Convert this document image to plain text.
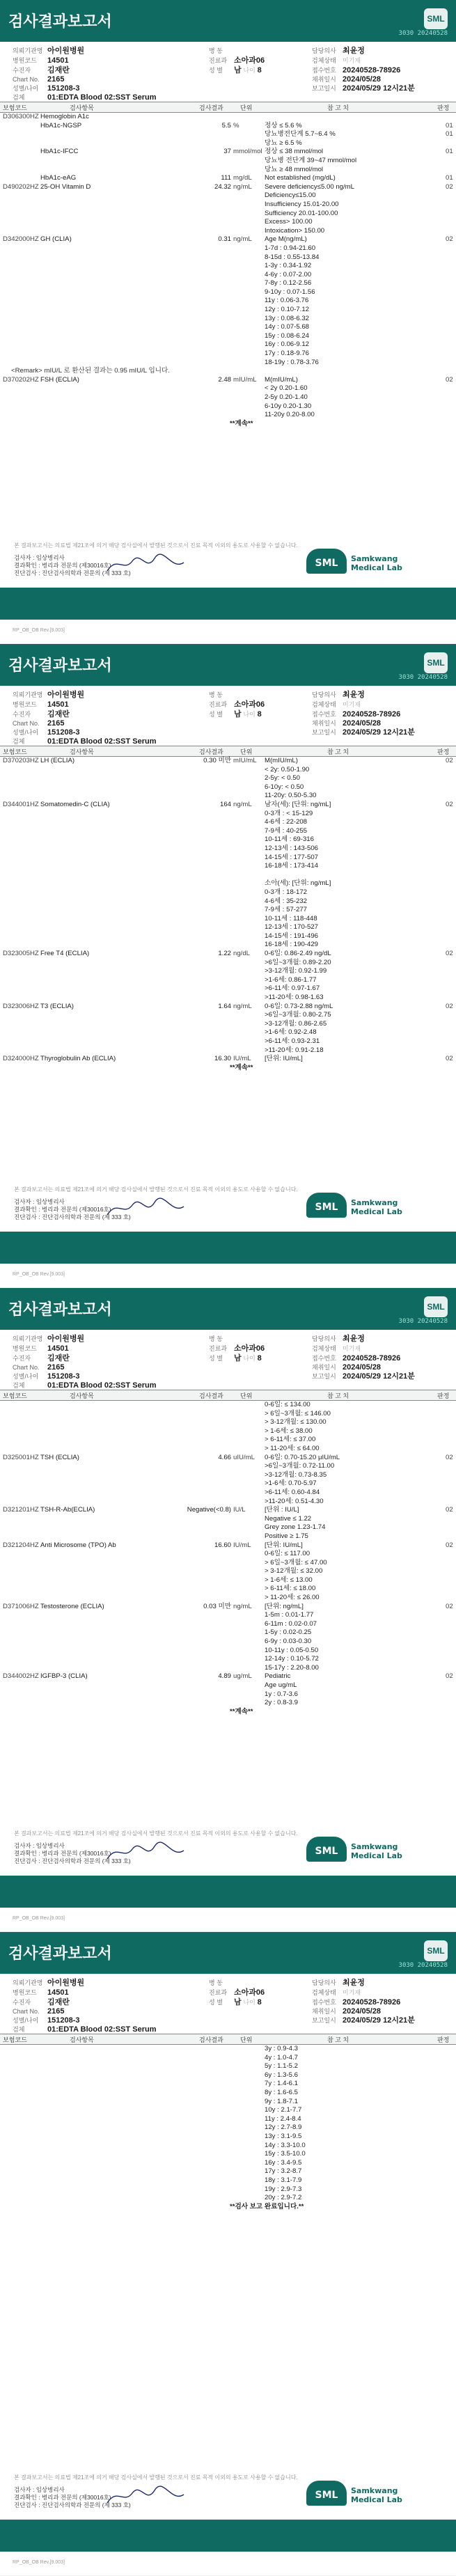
검사결과보고서	SML
3030 20240528
의뢰기관명 아이원병원
병원코드 14501
수진자 김재란
Chart No. 2165
성별/나이 151208-3
검체	01:EDTA Blood 02:SST Serum
병 동
진료과 소아과06
성 별 남 나이 8
담당의사 최윤정
검체상태 미기재
접수번호 20240528-78926
채취일시 2024/05/28
보고일시 2024/05/29 12시21분
보험코드	검사항목	검사결과	단위	참 고 치	판정
D306300HZ Hemoglobin A1c
HbA1c-NGSP	5.5 %	정상 ≤ 5.6 %	01
당뇨병전단계 5.7~6.4 %	01
당뇨 ≥ 6.5 %
HbA1c-IFCC	37 mmol/mol 정상 ≤ 38 mmol/mol	01
당뇨병 전단계 39~47 mmol/mol
당뇨 ≥ 48 mmol/mol
HbA1c-eAG	111 mg/dL	Not established (mg/dL)	01
D490202HZ 25-OH Vitamin D	24.32 ng/mL	Severe deficiency≤5.00 ng/mL	02
Deficiency≤15.00
Insufficiency 15.01-20.00
Sufficiency 20.01-100.00
Excess> 100.00
Intoxication> 150.00
D342000HZ GH (CLIA)	0.31 ng/mL	Age M(ng/mL)	02
1-7d : 0.94-21.60
8-15d : 0.55-13.84
1-3y : 0.34-1.92
4-6y : 0.07-2.00
7-8y : 0.12-2.56
9-10y : 0.07-1.56
11y : 0.06-3.76
12y : 0.10-7.12
13y : 0.08-6.32
14y : 0.07-5.68
15y : 0.08-6.24
16y : 0.06-9.12
17y : 0.18-9.76
18-19y : 0.78-3.76
<Remark> mIU/L 로 환산된 결과는 0.95 mIU/L 입니다.
D370202HZ FSH (ECLIA)	2.48 mIU/mL	M(mIU/mL)	02
< 2y 0.20-1.60
2-5y 0.20-1.40
6-10y 0.20-1.30
11-20y 0.20-8.00
**계속**
본 결과보고서는 의료법 제21조에 의거 해당 검사실에서 발행된 것으로서 진료 목적 이외의 용도로 사용할 수 없습니다.
검사자 : 임상병리사
결과확인 : 병리과 전문의 (제30016호)
진단검사 : 진단검사의학과 전문의 (제 333 호)
SML	Samkwang
Medical Lab
RP_OB_OB Rev.[9.003]
검사결과보고서	SML
3030 20240528
의뢰기관명 아이원병원
병원코드 14501
수진자 김재란
Chart No. 2165
성별/나이 151208-3
검체	01:EDTA Blood 02:SST Serum
병 동
진료과 소아과06
성 별 남 나이 8
담당의사 최윤정
검체상태 미기재
접수번호 20240528-78926
채취일시 2024/05/28
보고일시 2024/05/29 12시21분
보험코드	검사항목	검사결과	단위	참 고 치	판정
D370203HZ LH (ECLIA)	0.30 미만 mIU/mL	M(mIU/mL)	02
< 2y: 0.50-1.90
2-5y: < 0.50
6-10y: < 0.50
11-20y: 0.50-5.30
D344001HZ Somatomedin-C (CLIA)	164 ng/mL	남자(세): [단위: ng/mL]	02
0-3개 : < 15-129
4-6세 : 22-208
7-9세 : 40-255
10-11세 : 69-316
12-13세 : 143-506
14-15세 : 177-507
16-18세 : 173-414
소아(세): [단위: ng/mL]
0-3개 : 18-172
4-6세 : 35-232
7-9세 : 57-277
10-11세 : 118-448
12-13세 : 170-527
14-15세 : 191-496
16-18세 : 190-429
D323005HZ Free T4 (ECLIA)	1.22 ng/dL	0-6일: 0.86-2.49 ng/dL	02
>6일~3개월: 0.89-2.20
>3-12개월: 0.92-1.99
>1-6세: 0.86-1.77
>6-11세: 0.97-1.67
>11-20세: 0.98-1.63
D323006HZ T3 (ECLIA)	1.64 ng/mL	0-6일: 0.73-2.88 ng/mL	02
>6일~3개월: 0.80-2.75
>3-12개월: 0.86-2.65
>1-6세: 0.92-2.48
>6-11세: 0.93-2.31
>11-20세: 0.91-2.18
D324000HZ Thyroglobulin Ab (ECLIA)	16.30 IU/mL	[단위: IU/mL]	02
**계속**
본 결과보고서는 의료법 제21조에 의거 해당 검사실에서 발행된 것으로서 진료 목적 이외의 용도로 사용할 수 없습니다.
검사자 : 임상병리사
결과확인 : 병리과 전문의 (제30016호)
진단검사 : 진단검사의학과 전문의 (제 333 호)
SML	Samkwang
Medical Lab
RP_OB_OB Rev.[9.003]
검사결과보고서	SML
3030 20240528
의뢰기관명 아이원병원
병원코드 14501
수진자 김재란
Chart No. 2165
성별/나이 151208-3
검체	01:EDTA Blood 02:SST Serum
병 동
진료과 소아과06
성 별 남 나이 8
담당의사 최윤정
검체상태 미기재
접수번호 20240528-78926
채취일시 2024/05/28
보고일시 2024/05/29 12시21분
보험코드	검사항목	검사결과	단위	참 고 치	판정
0-6일: ≤ 134.00
> 6일~3개월: ≤ 146.00
> 3-12개월: ≤ 130.00
> 1-6세: ≤ 38.00
> 6-11세: ≤ 37.00
> 11-20세: ≤ 64.00
D325001HZ TSH (ECLIA)	4.66 uIU/mL	0-6일: 0.70-15.20 μIU/mL	02
>6일~3개월: 0.72-11.00
>3-12개월: 0.73-8.35
>1-6세: 0.70-5.97
>6-11세: 0.60-4.84
>11-20세: 0.51-4.30
D321201HZ TSH-R-Ab(ECLIA)	Negative(<0.8) IU/L	[단위 : IU/L]	02
Negative ≤ 1.22
Grey zone 1.23-1.74
Positive ≥ 1.75
D321204HZ Anti Microsome (TPO) Ab	16.60 IU/mL	[단위: IU/mL]	02
0-6일: ≤ 117.00
> 6일~3개월: ≤ 47.00
> 3-12개월: ≤ 32.00
> 1-6세: ≤ 13.00
> 6-11세: ≤ 18.00
> 11-20세: ≤ 26.00
D371006HZ Testosterone (ECLIA)	0.03 미만 ng/mL	[단위: ng/mL]	02
1-5m : 0.01-1.77
6-11m : 0.02-0.07
1-5y : 0.02-0.25
6-9y : 0.03-0.30
10-11y : 0.05-0.50
12-14y : 0.10-5.72
15-17y : 2.20-8.00
D344002HZ IGFBP-3 (CLIA)	4.89 ug/mL	Pediatric	02
Age ug/mL
1y : 0.7-3.6
2y : 0.8-3.9
**계속**
본 결과보고서는 의료법 제21조에 의거 해당 검사실에서 발행된 것으로서 진료 목적 이외의 용도로 사용할 수 없습니다.
검사자 : 임상병리사
결과확인 : 병리과 전문의 (제30016호)
진단검사 : 진단검사의학과 전문의 (제 333 호)
SML	Samkwang
Medical Lab
RP_OB_OB Rev.[9.003]
검사결과보고서	SML
3030 20240528
의뢰기관명 아이원병원
병원코드 14501
수진자 김재란
Chart No. 2165
성별/나이 151208-3
검체	01:EDTA Blood 02:SST Serum
병 동
진료과 소아과06
성 별 남 나이 8
담당의사 최윤정
검체상태 미기재
접수번호 20240528-78926
채취일시 2024/05/28
보고일시 2024/05/29 12시21분
보험코드	검사항목	검사결과	단위	참 고 치	판정
3y : 0.9-4.3
4y : 1.0-4.7
5y : 1.1-5.2
6y : 1.3-5.6
7y : 1.4-6.1
8y : 1.6-6.5
9y : 1.8-7.1
10y : 2.1-7.7
11y : 2.4-8.4
12y : 2.7-8.9
13y : 3.1-9.5
14y : 3.3-10.0
15y : 3.5-10.0
16y : 3.4-9.5
17y : 3.2-8.7
18y : 3.1-7.9
19y : 2.9-7.3
20y : 2.9-7.2
**검사 보고 완료입니다.**
본 결과보고서는 의료법 제21조에 의거 해당 검사실에서 발행된 것으로서 진료 목적 이외의 용도로 사용할 수 없습니다.
검사자 : 임상병리사
결과확인 : 병리과 전문의 (제30016호)
진단검사 : 진단검사의학과 전문의 (제 333 호)
SML	Samkwang
Medical Lab
RP_OB_OB Rev.[9.003]
